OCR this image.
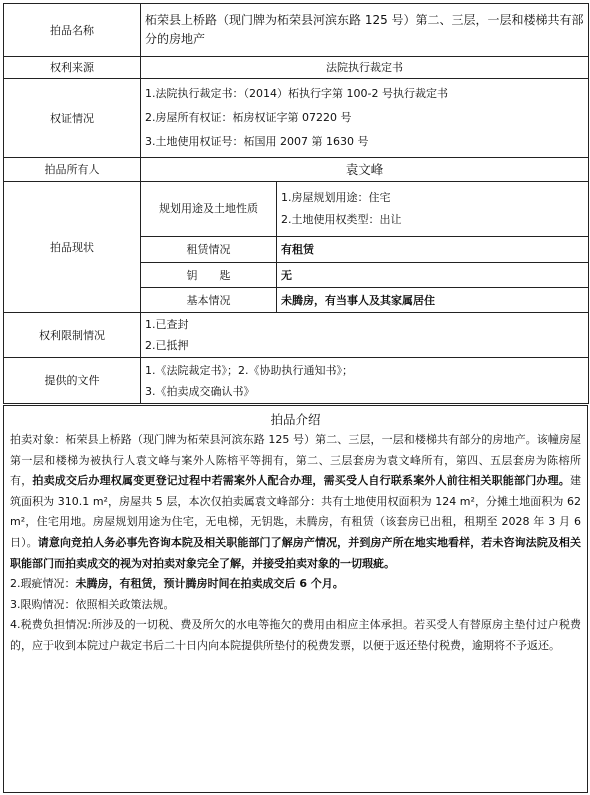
拍品名称	柘荣县上桥路（现门牌为柘荣县河滨东路 125 号）第二、三层，一层和楼梯共有部分的房地产	
权利来源	法院执行裁定书	
权证情况	1.法院执行裁定书：（2014）柘执行字第 100-2 号执行裁定书
2.房屋所有权证：柘房权证字第 07220 号
3.土地使用权证号：柘国用 2007 第 1630 号	

拍品所有人	袁文峰	
拍品现状	规划用途及土地性质	1.房屋规划用途：住宅
2.土地使用权类型：出让

	租赁情况	有租赁
	钥　　匙	无
	基本情况	未腾房，有当事人及其家属居住
权利限制情况	1.已查封
2.已抵押	

提供的文件	1.《法院裁定书》；2.《协助执行通知书》；
3.《拍卖成交确认书》	
拍品介绍

拍卖对象：柘荣县上桥路（现门牌为柘荣县河滨东路 125 号）第二、三层，一层和楼梯共有部分的房地产。该幢房屋第一层和楼梯为被执行人袁文峰与案外人陈榕平等拥有，第二、三层套房为袁文峰所有，第四、五层套房为陈榕所有，拍卖成交后办理权属变更登记过程中若需案外人配合办理，需买受人自行联系案外人前往相关职能部门办理。建筑面积为 310.1 m²，房屋共 5 层，本次仅拍卖属袁文峰部分：共有土地使用权面积为 124 m²，分摊土地面积为 62 m²，住宅用地。房屋规划用途为住宅，无电梯，无钥匙，未腾房，有租赁（该套房已出租，租期至 2028 年 3 月 6 日）。请意向竞拍人务必事先咨询本院及相关职能部门了解房产情况，并到房产所在地实地看样，若未咨询法院及相关职能部门而拍卖成交的视为对拍卖对象完全了解，并接受拍卖对象的一切瑕疵。

2.瑕疵情况：未腾房，有租赁，预计腾房时间在拍卖成交后 6 个月。

3.限购情况：依照相关政策法规。

4.税费负担情况:所涉及的一切税、费及所欠的水电等拖欠的费用由相应主体承担。若买受人有替原房主垫付过户税费的，应于收到本院过户裁定书后二十日内向本院提供所垫付的税费发票，以便于返还垫付税费，逾期将不予返还。
